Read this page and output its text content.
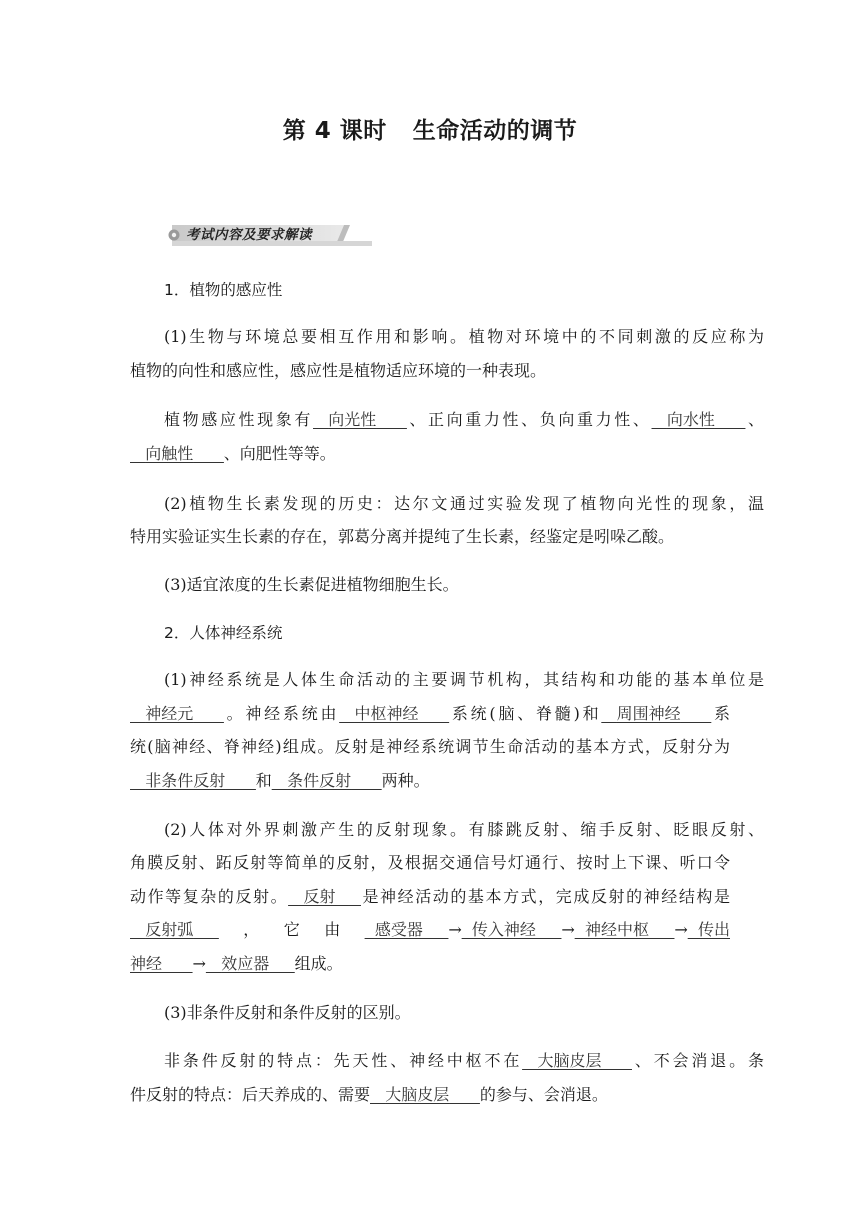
第 4 课时 生命活动的调节
考试内容及要求解读
1．植物的感应性
(1)生物与环境总要相互作用和影响。植物对环境中的不同刺激的反应称为
植物的向性和感应性，感应性是植物适应环境的一种表现。
植物感应性现象有 向光性 、正向重力性、负向重力性、 向水性 、
向触性 、向肥性等等。
(2)植物生长素发现的历史：达尔文通过实验发现了植物向光性的现象，温
特用实验证实生长素的存在，郭葛分离并提纯了生长素，经鉴定是吲哚乙酸。
(3)适宜浓度的生长素促进植物细胞生长。
2．人体神经系统
(1)神经系统是人体生命活动的主要调节机构，其结构和功能的基本单位是
神经元 。神经系统由 中枢神经 系统(脑、脊髓)和 周围神经 系
统(脑神经、脊神经)组成。反射是神经系统调节生命活动的基本方式，反射分为
非条件反射 和 条件反射 两种。
(2)人体对外界刺激产生的反射现象。有膝跳反射、缩手反射、眨眼反射、
角膜反射、跖反射等简单的反射，及根据交通信号灯通行、按时上下课、听口令
动作等复杂的反射。 反射 是神经活动的基本方式，完成反射的神经结构是
反射弧 ，它由 感受器 → 传入神经 → 神经中枢 → 传出
神经 → 效应器 组成。
(3)非条件反射和条件反射的区别。
非条件反射的特点：先天性、神经中枢不在 大脑皮层 、不会消退。条
件反射的特点：后天养成的、需要 大脑皮层 的参与、会消退。
